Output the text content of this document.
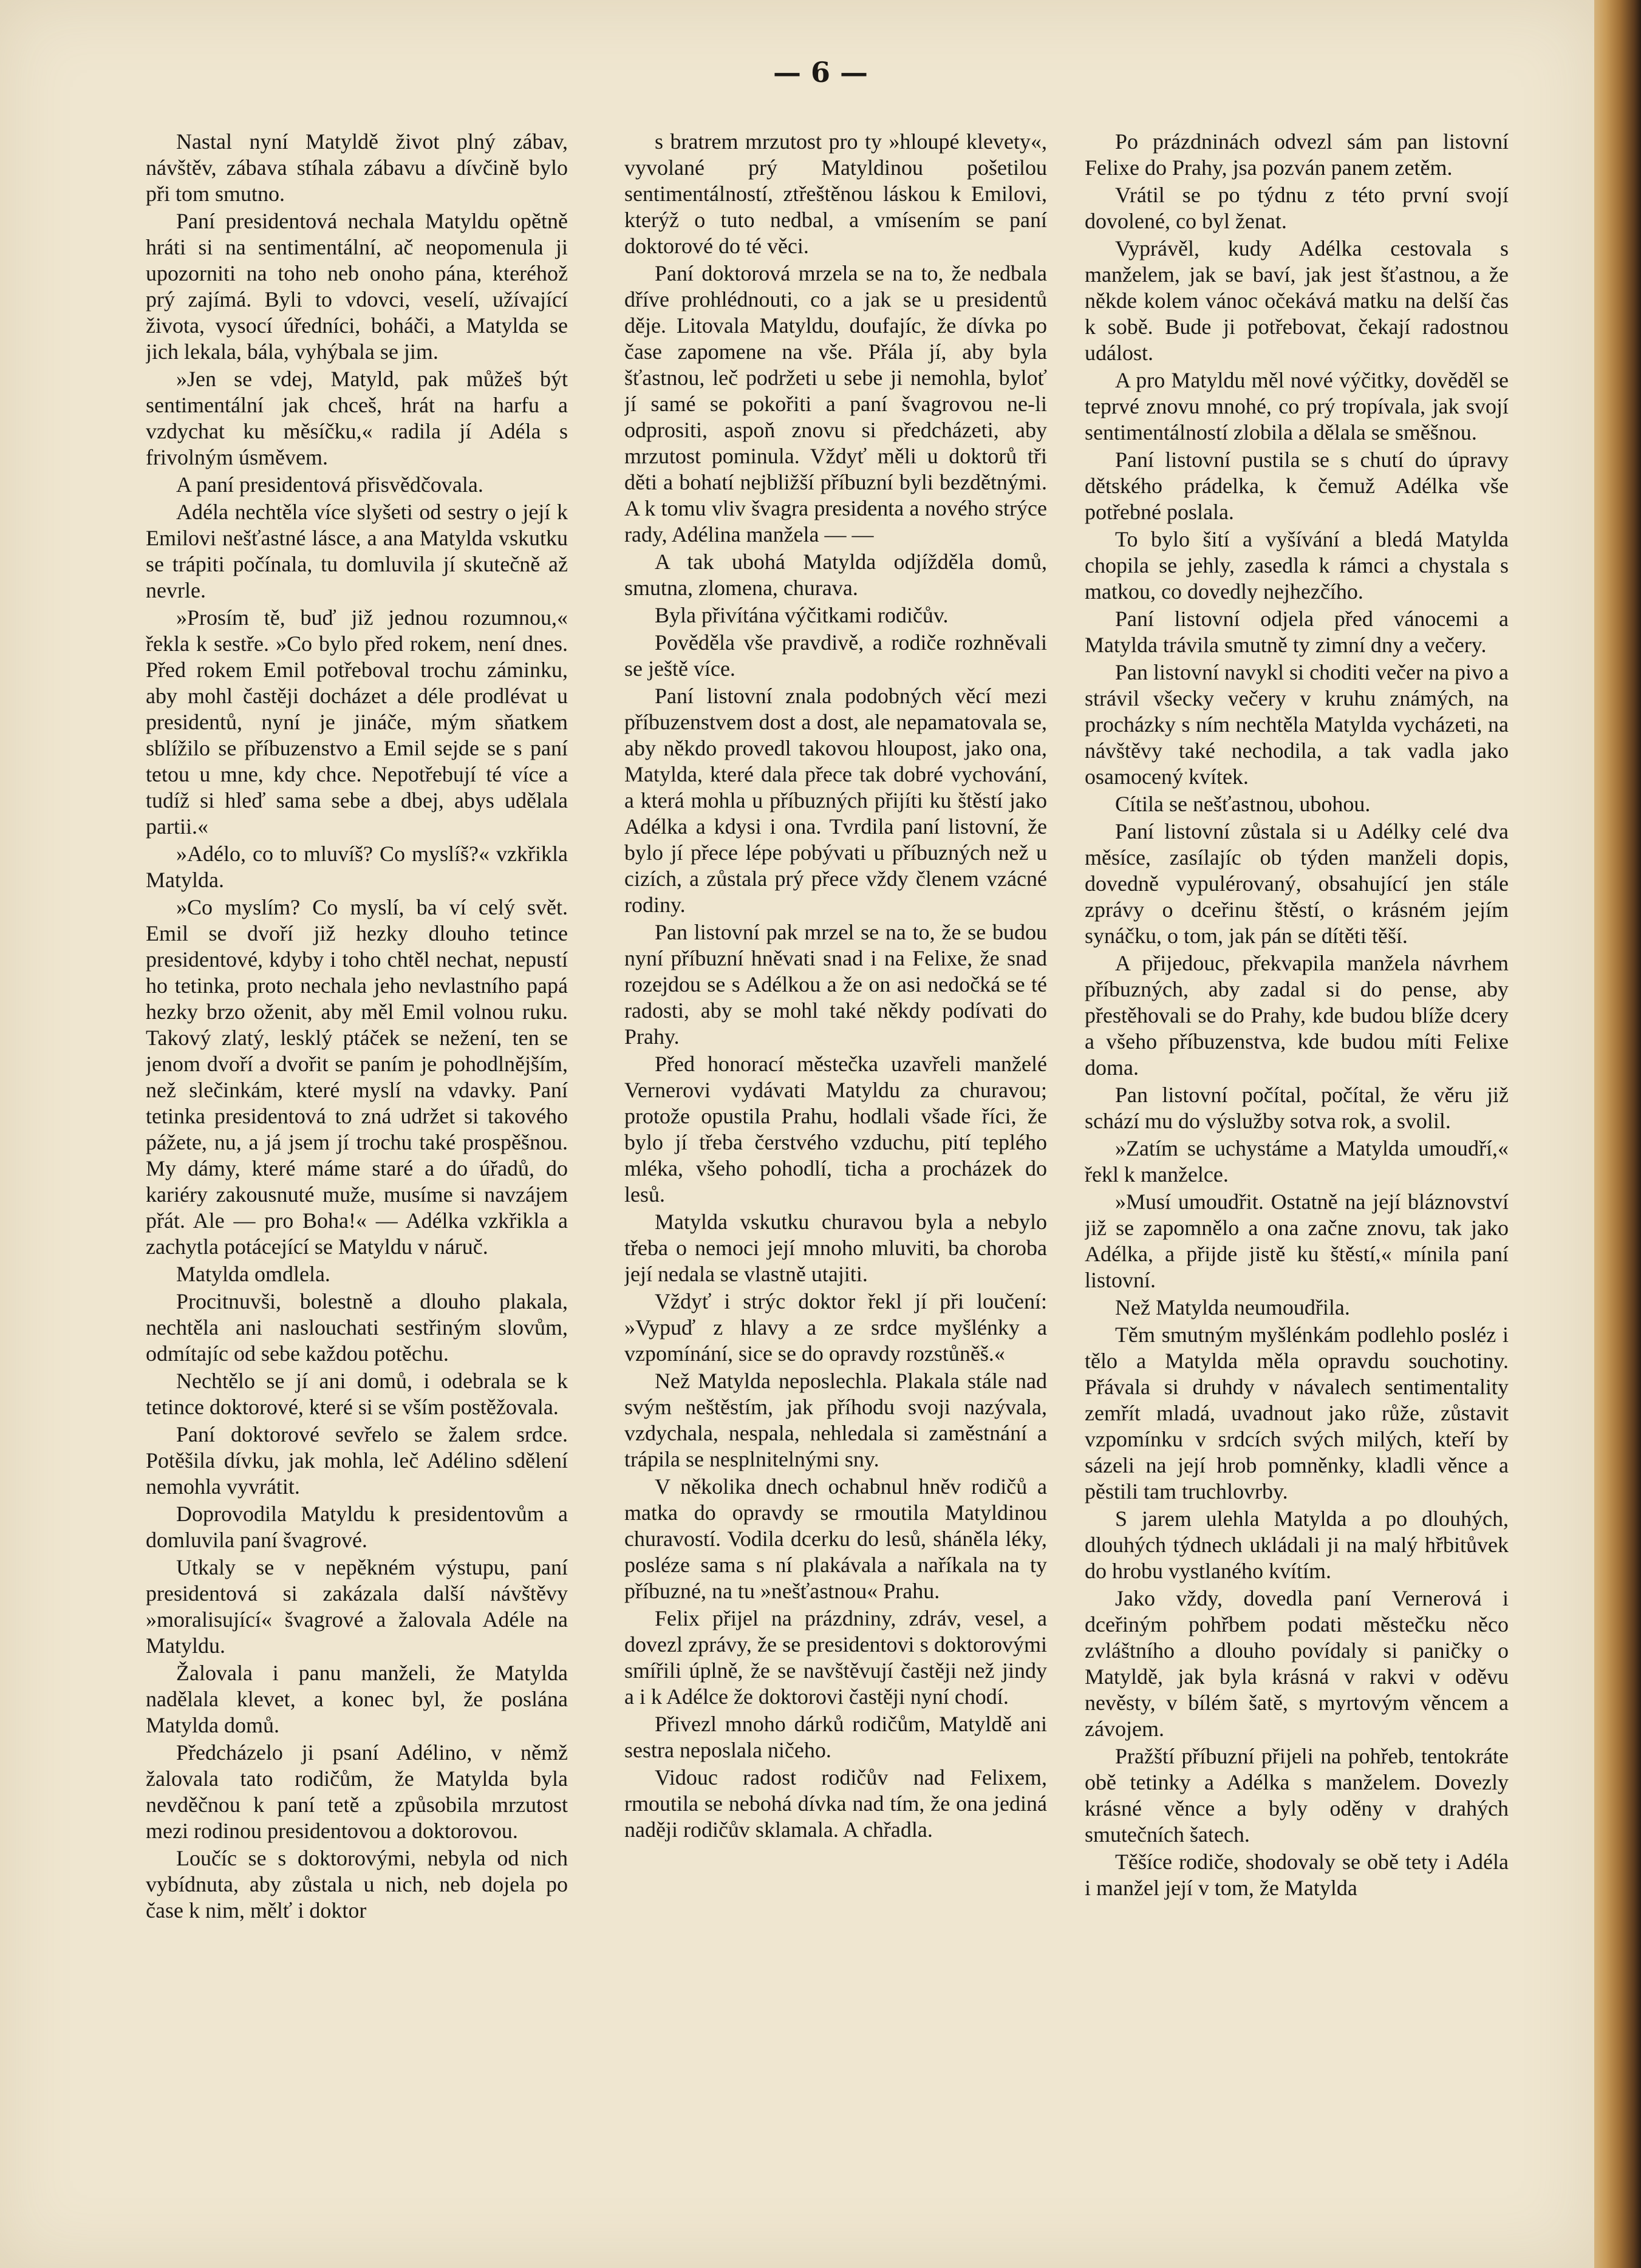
— 6 —

Nastal nyní Matyldě život plný zábav, návštěv, zábava stíhala zábavu a dívčině bylo při tom smutno.

Paní presidentová nechala Matyldu opětně hráti si na sentimentální, ač neopomenula ji upozorniti na toho neb onoho pána, kteréhož prý zajímá. Byli to vdovci, veselí, užívající života, vysocí úředníci, boháči, a Matylda se jich lekala, bála, vyhýbala se jim.

»Jen se vdej, Matyld, pak můžeš být sentimentální jak chceš, hrát na harfu a vzdychat ku měsíčku,« radila jí Adéla s frivolným úsměvem.

A paní presidentová přisvědčovala.

Adéla nechtěla více slyšeti od sestry o její k Emilovi nešťastné lásce, a ana Matylda vskutku se trápiti počínala, tu domluvila jí skutečně až nevrle.

»Prosím tě, buď již jednou rozumnou,« řekla k sestře. »Co bylo před rokem, není dnes. Před rokem Emil potřeboval trochu záminku, aby mohl častěji docházet a déle prodlévat u presidentů, nyní je jináče, mým sňatkem sblížilo se příbuzenstvo a Emil sejde se s paní tetou u mne, kdy chce. Nepotřebují té více a tudíž si hleď sama sebe a dbej, abys udělala partii.«

»Adélo, co to mluvíš? Co myslíš?« vzkřikla Matylda.

»Co myslím? Co myslí, ba ví celý svět. Emil se dvoří již hezky dlouho tetince presidentové, kdyby i toho chtěl nechat, nepustí ho tetinka, proto nechala jeho nevlastního papá hezky brzo oženit, aby měl Emil volnou ruku. Takový zlatý, lesklý ptáček se nežení, ten se jenom dvoří a dvořit se paním je pohodlnějším, než slečinkám, které myslí na vdavky. Paní tetinka presidentová to zná udržet si takového pážete, nu, a já jsem jí trochu také prospěšnou. My dámy, které máme staré a do úřadů, do kariéry zakousnuté muže, musíme si navzájem přát. Ale — pro Boha!« — Adélka vzkřikla a zachytla potácející se Matyldu v náruč.

Matylda omdlela.

Procitnuvši, bolestně a dlouho plakala, nechtěla ani naslouchati sestřiným slovům, odmítajíc od sebe každou potěchu.

Nechtělo se jí ani domů, i odebrala se k tetince doktorové, které si se vším postěžovala.

Paní doktorové sevřelo se žalem srdce. Potěšila dívku, jak mohla, leč Adélino sdělení nemohla vyvrátit.

Doprovodila Matyldu k presidentovům a domluvila paní švagrové.

Utkaly se v nepěkném výstupu, paní presidentová si zakázala další návštěvy »moralisující« švagrové a žalovala Adéle na Matyldu.

Žalovala i panu manželi, že Matylda nadělala klevet, a konec byl, že poslána Matylda domů.

Předcházelo ji psaní Adélino, v němž žalovala tato rodičům, že Matylda byla nevděčnou k paní tetě a způsobila mrzutost mezi rodinou presidentovou a doktorovou.

Loučíc se s doktorovými, nebyla od nich vybídnuta, aby zůstala u nich, neb dojela po čase k nim, mělť i doktor

s bratrem mrzutost pro ty »hloupé klevety«, vyvolané prý Matyldinou pošetilou sentimentálností, ztřeštěnou láskou k Emilovi, kterýž o tuto nedbal, a vmísením se paní doktorové do té věci.

Paní doktorová mrzela se na to, že nedbala dříve prohlédnouti, co a jak se u presidentů děje. Litovala Matyldu, doufajíc, že dívka po čase zapomene na vše. Přála jí, aby byla šťastnou, leč podržeti u sebe ji nemohla, byloť jí samé se pokořiti a paní švagrovou ne-li odprositi, aspoň znovu si předcházeti, aby mrzutost pominula. Vždyť měli u doktorů tři děti a bohatí nejbližší příbuzní byli bezdětnými. A k tomu vliv švagra presidenta a nového strýce rady, Adélina manžela — —

A tak ubohá Matylda odjížděla domů, smutna, zlomena, churava.

Byla přivítána výčitkami rodičův.

Pověděla vše pravdivě, a rodiče rozhněvali se ještě více.

Paní listovní znala podobných věcí mezi příbuzenstvem dost a dost, ale nepamatovala se, aby někdo provedl takovou hloupost, jako ona, Matylda, které dala přece tak dobré vychování, a která mohla u příbuzných přijíti ku štěstí jako Adélka a kdysi i ona. Tvrdila paní listovní, že bylo jí přece lépe pobývati u příbuzných než u cizích, a zůstala prý přece vždy členem vzácné rodiny.

Pan listovní pak mrzel se na to, že se budou nyní příbuzní hněvati snad i na Felixe, že snad rozejdou se s Adélkou a že on asi nedočká se té radosti, aby se mohl také někdy podívati do Prahy.

Před honorací městečka uzavřeli manželé Vernerovi vydávati Matyldu za churavou; protože opustila Prahu, hodlali všade říci, že bylo jí třeba čerstvého vzduchu, pití teplého mléka, všeho pohodlí, ticha a procházek do lesů.

Matylda vskutku churavou byla a nebylo třeba o nemoci její mnoho mluviti, ba choroba její nedala se vlastně utajiti.

Vždyť i strýc doktor řekl jí při loučení: »Vypuď z hlavy a ze srdce myšlénky a vzpomínání, sice se do opravdy rozstůněš.«

Než Matylda neposlechla. Plakala stále nad svým neštěstím, jak příhodu svoji nazývala, vzdychala, nespala, nehledala si zaměstnání a trápila se nesplnitelnými sny.

V několika dnech ochabnul hněv rodičů a matka do opravdy se rmoutila Matyldinou churavostí. Vodila dcerku do lesů, sháněla léky, posléze sama s ní plakávala a naříkala na ty příbuzné, na tu »nešťastnou« Prahu.

Felix přijel na prázdniny, zdráv, vesel, a dovezl zprávy, že se presidentovi s doktorovými smířili úplně, že se navštěvují častěji než jindy a i k Adélce že doktorovi častěji nyní chodí.

Přivezl mnoho dárků rodičům, Matyldě ani sestra neposlala ničeho.

Vidouc radost rodičův nad Felixem, rmoutila se nebohá dívka nad tím, že ona jediná naději rodičův sklamala. A chřadla.

Po prázdninách odvezl sám pan listovní Felixe do Prahy, jsa pozván panem zetěm.

Vrátil se po týdnu z této první svojí dovolené, co byl ženat.

Vyprávěl, kudy Adélka cestovala s manželem, jak se baví, jak jest šťastnou, a že někde kolem vánoc očekává matku na delší čas k sobě. Bude ji potřebovat, čekají radostnou událost.

A pro Matyldu měl nové výčitky, dověděl se teprvé znovu mnohé, co prý tropívala, jak svojí sentimentálností zlobila a dělala se směšnou.

Paní listovní pustila se s chutí do úpravy dětského prádelka, k čemuž Adélka vše potřebné poslala.

To bylo šití a vyšívání a bledá Matylda chopila se jehly, zasedla k rámci a chystala s matkou, co dovedly nejhezčího.

Paní listovní odjela před vánocemi a Matylda trávila smutně ty zimní dny a večery.

Pan listovní navykl si choditi večer na pivo a strávil všecky večery v kruhu známých, na procházky s ním nechtěla Matylda vycházeti, na návštěvy také nechodila, a tak vadla jako osamocený kvítek.

Cítila se nešťastnou, ubohou.

Paní listovní zůstala si u Adélky celé dva měsíce, zasílajíc ob týden manželi dopis, dovedně vypulérovaný, obsahující jen stále zprávy o dceřinu štěstí, o krásném jejím synáčku, o tom, jak pán se dítěti těší.

A přijedouc, překvapila manžela návrhem příbuzných, aby zadal si do pense, aby přestěhovali se do Prahy, kde budou blíže dcery a všeho příbuzenstva, kde budou míti Felixe doma.

Pan listovní počítal, počítal, že věru již schází mu do výslužby sotva rok, a svolil.

»Zatím se uchystáme a Matylda umoudří,« řekl k manželce.

»Musí umoudřit. Ostatně na její bláznovství již se zapomnělo a ona začne znovu, tak jako Adélka, a přijde jistě ku štěstí,« mínila paní listovní.

Než Matylda neumoudřila.

Těm smutným myšlénkám podlehlo posléz i tělo a Matylda měla opravdu souchotiny. Přávala si druhdy v návalech sentimentality zemřít mladá, uvadnout jako růže, zůstavit vzpomínku v srdcích svých milých, kteří by sázeli na její hrob pomněnky, kladli věnce a pěstili tam truchlovrby.

S jarem ulehla Matylda a po dlouhých, dlouhých týdnech ukládali ji na malý hřbitůvek do hrobu vystlaného kvítím.

Jako vždy, dovedla paní Vernerová i dceřiným pohřbem podati městečku něco zvláštního a dlouho povídaly si paničky o Matyldě, jak byla krásná v rakvi v oděvu nevěsty, v bílém šatě, s myrtovým věncem a závojem.

Pražští příbuzní přijeli na pohřeb, tentokráte obě tetinky a Adélka s manželem. Dovezly krásné věnce a byly oděny v drahých smutečních šatech.

Těšíce rodiče, shodovaly se obě tety i Adéla i manžel její v tom, že Matylda
